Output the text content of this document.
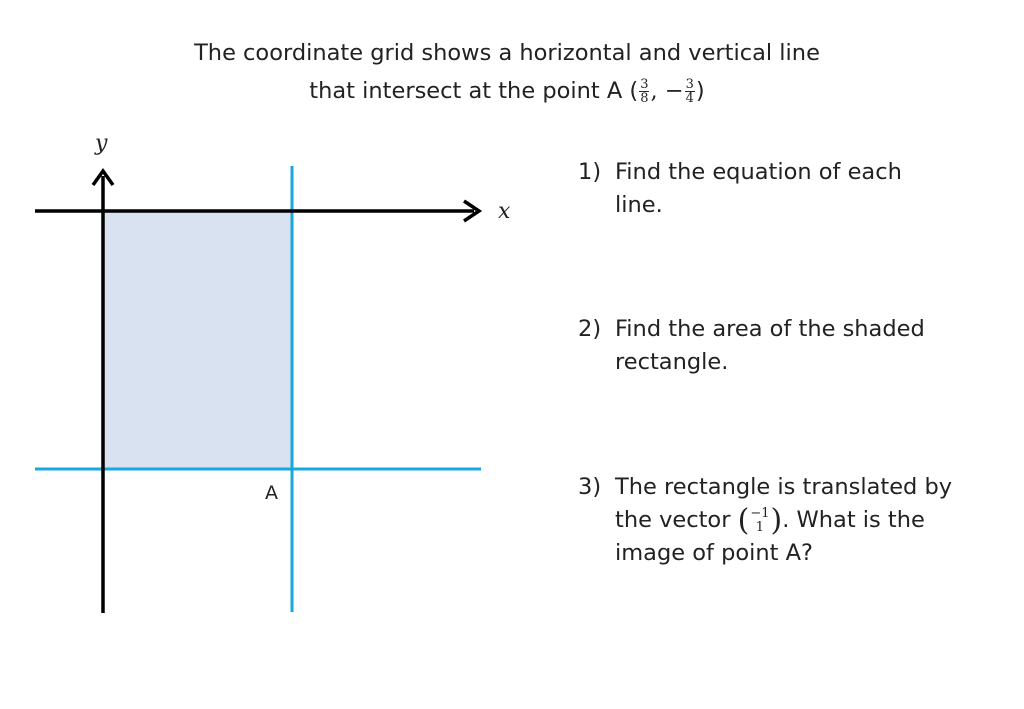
The coordinate grid shows a horizontal and vertical line
that intersect at the point A ( $\frac{3}{8}$ , − $\frac{3}{4}$ )
x
y
A
1) Find the equation of each line.
2) Find the area of the shaded rectangle.
3) The rectangle is translated by the vector ( −1
1 ) . What is the image of point A?
